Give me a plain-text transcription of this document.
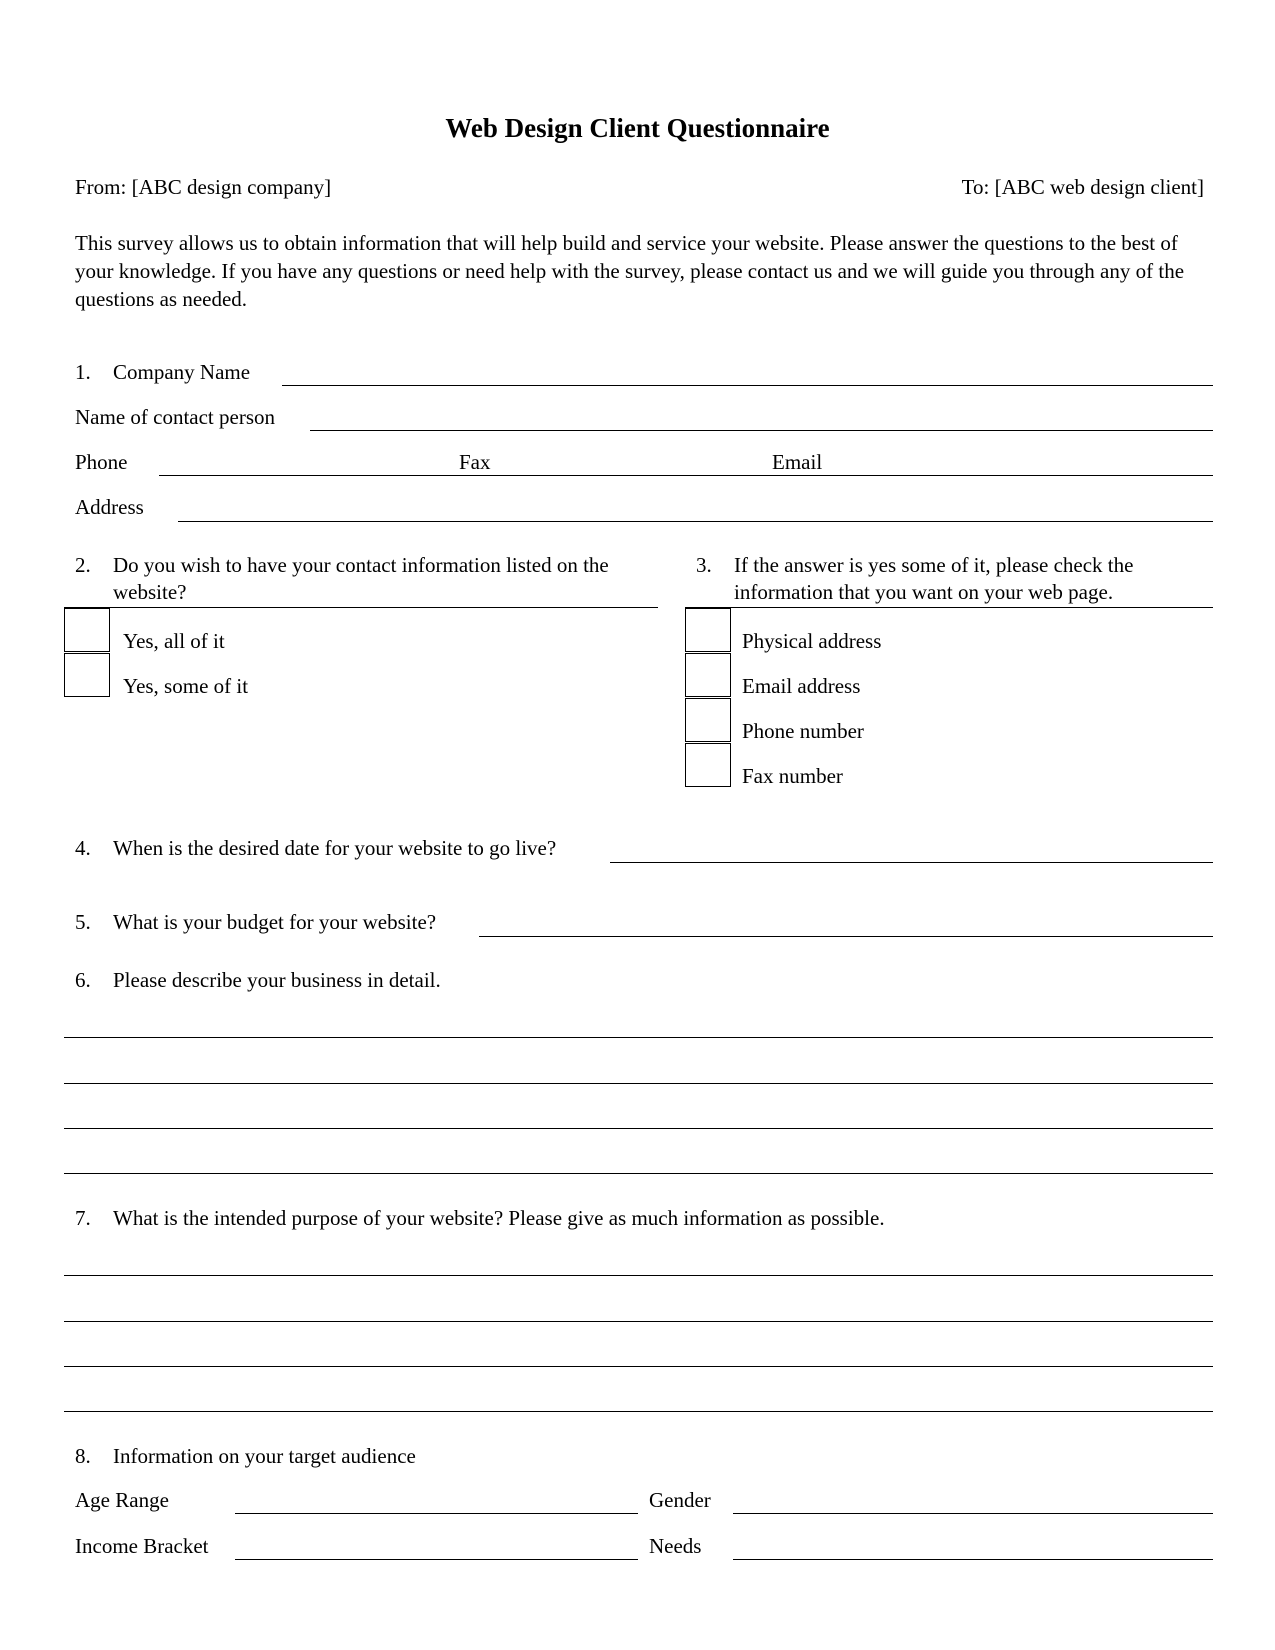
Web Design Client Questionnaire
From: [ABC design company]	To: [ABC web design client]
This survey allows us to obtain information that will help build and service your website. Please answer the questions to the best of your knowledge. If you have any questions or need help with the survey, please contact us and we will guide you through any of the questions as needed.
1. Company Name
Name of contact person
Phone	Fax	Email
Address
2. Do you wish to have your contact information listed on the website?
Yes, all of it
Yes, some of it
3. If the answer is yes some of it, please check the information that you want on your web page.
Physical address
Email address
Phone number
Fax number
4. When is the desired date for your website to go live?
5. What is your budget for your website?
6. Please describe your business in detail.
7. What is the intended purpose of your website? Please give as much information as possible.
8. Information on your target audience
Age Range	Gender
Income Bracket	Needs
